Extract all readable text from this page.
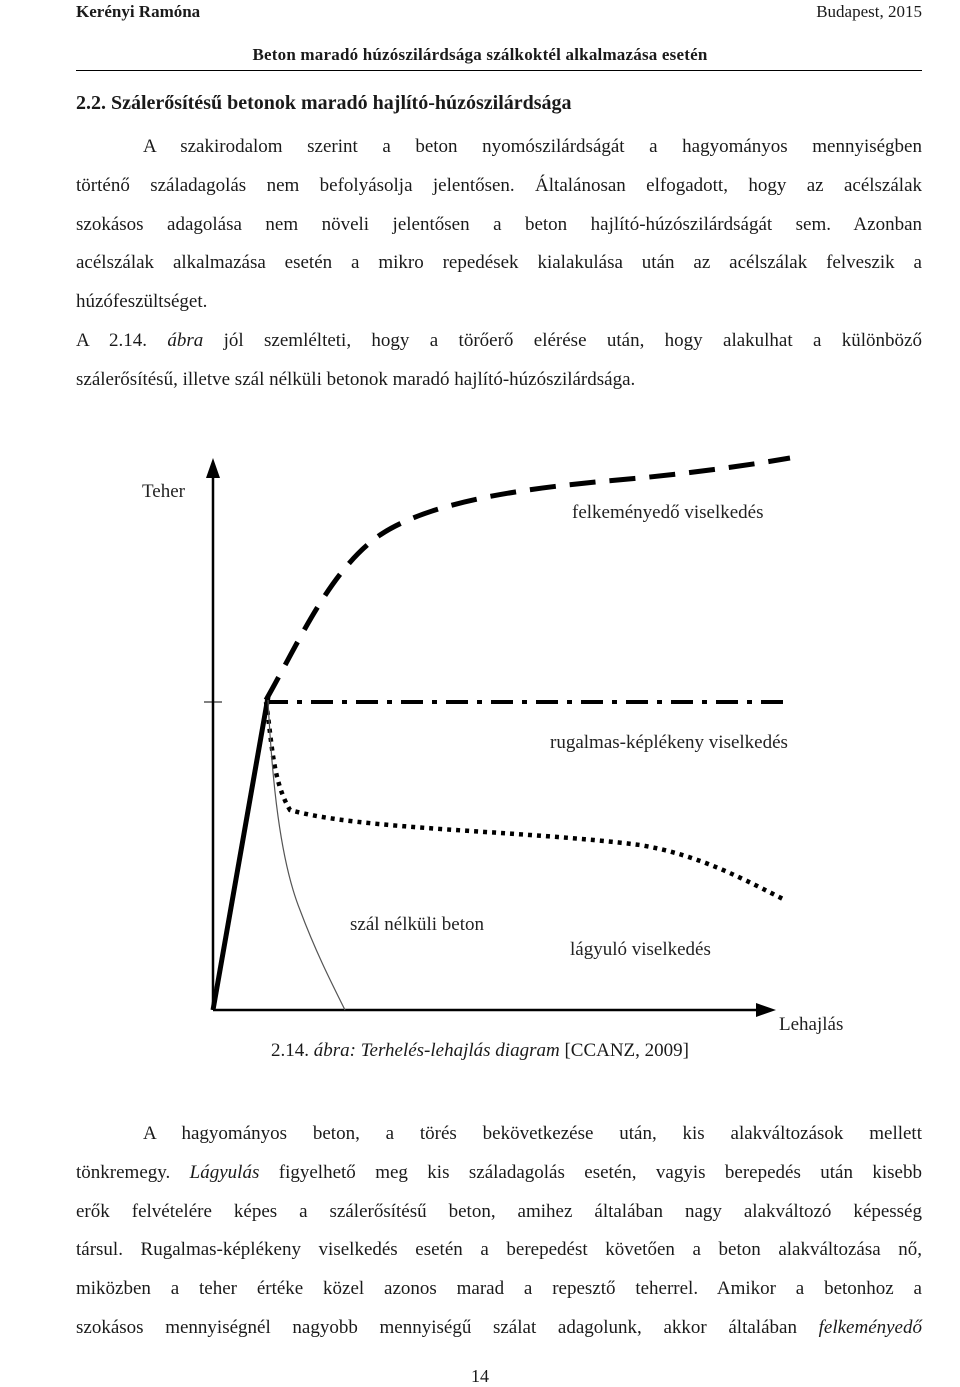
Kerényi Ramóna	Budapest, 2015
Beton maradó húzószilárdsága szálkoktél alkalmazása esetén
2.2. Szálerősítésű betonok maradó hajlító-húzószilárdsága
A szakirodalom szerint a beton nyomószilárdságát a hagyományos mennyiségben
történő száladagolás nem befolyásolja jelentősen. Általánosan elfogadott, hogy az acélszálak
szokásos adagolása nem növeli jelentősen a beton hajlító-húzószilárdságát sem. Azonban
acélszálak alkalmazása esetén a mikro repedések kialakulása után az acélszálak felveszik a
húzófeszültséget.
A 2.14. ábra jól szemlélteti, hogy a törőerő elérése után, hogy alakulhat a különböző
szálerősítésű, illetve szál nélküli betonok maradó hajlító-húzószilárdsága.
Teher
Lehajlás
felkeményedő viselkedés
rugalmas-képlékeny viselkedés
szál nélküli beton
lágyuló viselkedés
2.14. ábra: Terhelés-lehajlás diagram [CCANZ, 2009]
A hagyományos beton, a törés bekövetkezése után, kis alakváltozások mellett
tönkremegy. Lágyulás figyelhető meg kis száladagolás esetén, vagyis berepedés után kisebb
erők felvételére képes a szálerősítésű beton, amihez általában nagy alakváltozó képesség
társul. Rugalmas-képlékeny viselkedés esetén a berepedést követően a beton alakváltozása nő,
miközben a teher értéke közel azonos marad a repesztő teherrel. Amikor a betonhoz a
szokásos mennyiségnél nagyobb mennyiségű szálat adagolunk, akkor általában felkeményedő
14
